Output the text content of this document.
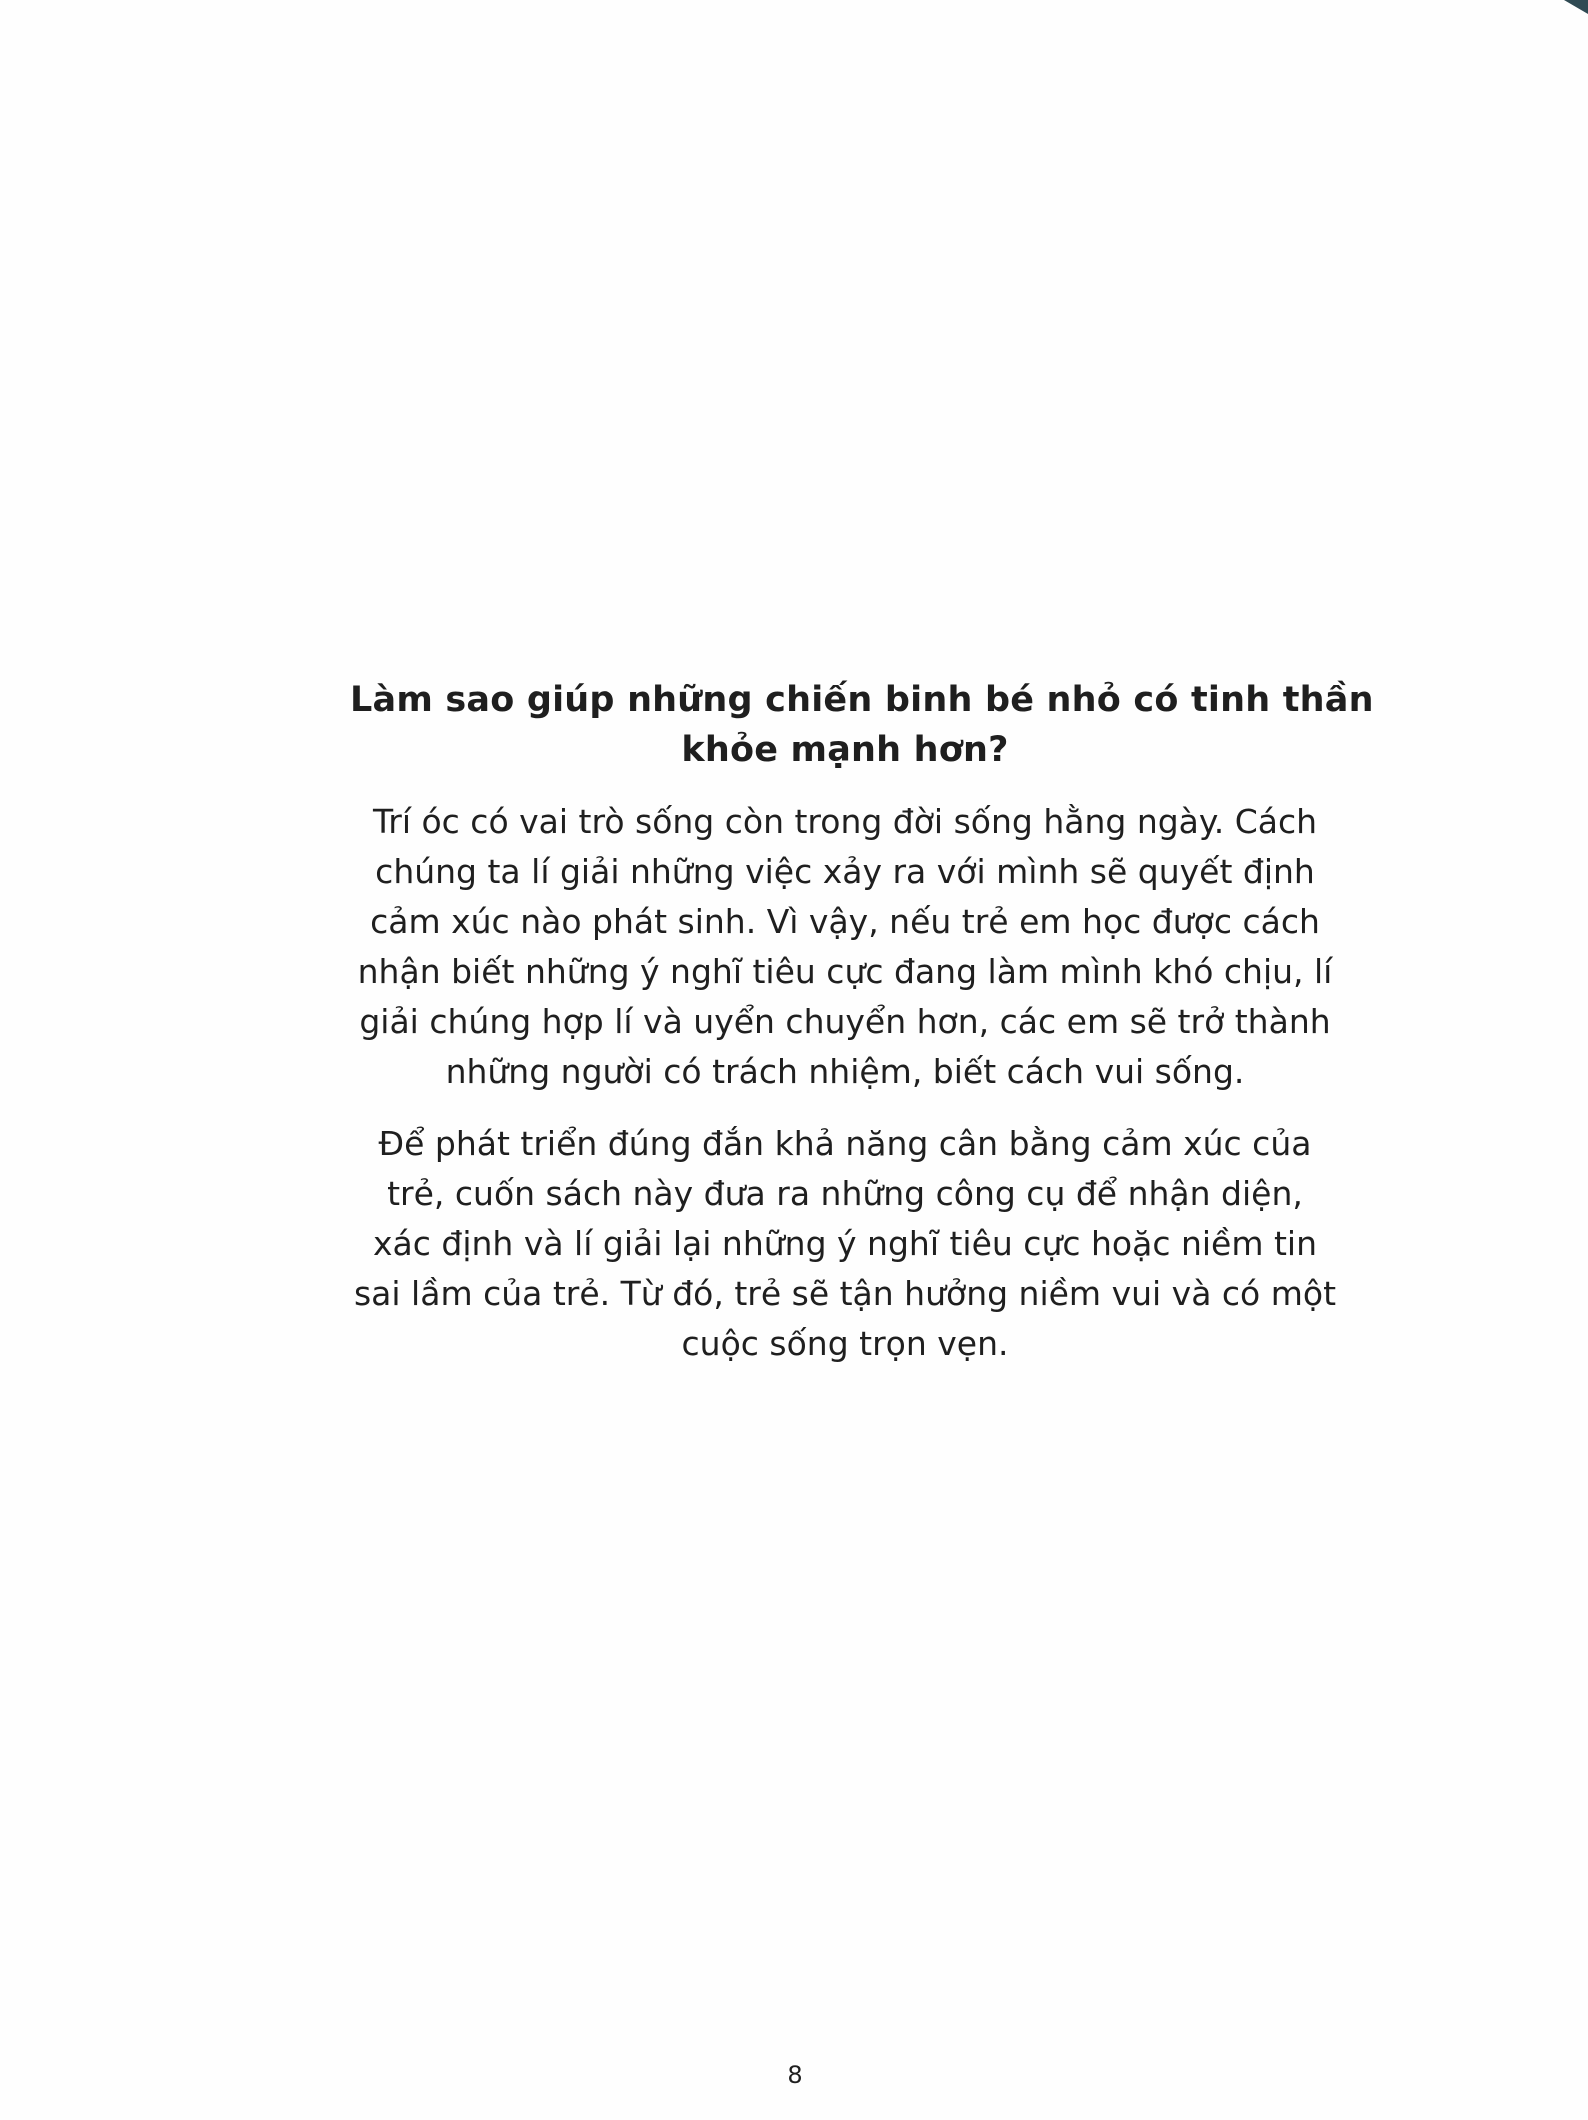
Làm sao giúp những chiến binh bé nhỏ có tinh thần
khỏe mạnh hơn?

Trí óc có vai trò sống còn trong đời sống hằng ngày. Cách
chúng ta lí giải những việc xảy ra với mình sẽ quyết định
cảm xúc nào phát sinh. Vì vậy, nếu trẻ em học được cách
nhận biết những ý nghĩ tiêu cực đang làm mình khó chịu, lí
giải chúng hợp lí và uyển chuyển hơn, các em sẽ trở thành
những người có trách nhiệm, biết cách vui sống.

Để phát triển đúng đắn khả năng cân bằng cảm xúc của
trẻ, cuốn sách này đưa ra những công cụ để nhận diện,
xác định và lí giải lại những ý nghĩ tiêu cực hoặc niềm tin
sai lầm của trẻ. Từ đó, trẻ sẽ tận hưởng niềm vui và có một
cuộc sống trọn vẹn.

8
